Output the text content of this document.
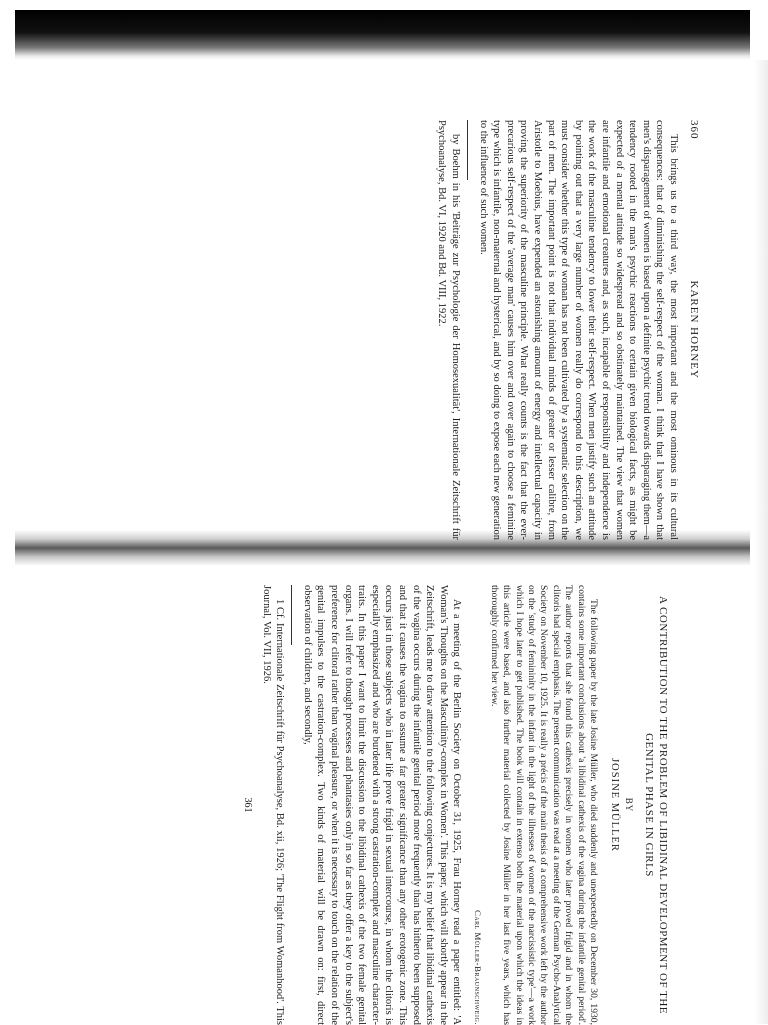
360
KAREN HORNEY

This brings us to a third way, the most important and the most ominous in its cultural consequences: that of diminishing the self-respect of the woman. I think that I have shown that men's disparagement of women is based upon a definite psychic trend towards disparaging them—a tendency rooted in the man's psychic reactions to certain given biological facts, as might be expected of a mental attitude so widespread and so obstinately maintained. The view that women are infantile and emotional creatures and, as such, incapable of responsibility and independence is the work of the masculine tendency to lower their self-respect. When men justify such an attitude by pointing out that a very large number of women really do correspond to this description, we must consider whether this type of woman has not been cultivated by a systematic selection on the part of men. The important point is not that individual minds of greater or lesser calibre, from Aristotle to Moebius, have expended an astonishing amount of energy and intellectual capacity in proving the superiority of the masculine principle. What really counts is the fact that the ever-precarious self-respect of the 'average man' causes him over and over again to choose a feminine type which is infantile, non-maternal and hysterical, and by so doing to expose each new generation to the influence of such women.

by Boehm in his 'Beiträge zur Psychologie der Homosexualität', Internationale Zeitschrift für Psychoanalyse, Bd. VI, 1920 and Bd. VIII, 1922.

A CONTRIBUTION TO THE PROBLEM OF LIBIDINAL DEVELOPMENT OF THE GENITAL PHASE IN GIRLS
BY
JOSINE MÜLLER

The following paper by the late Josine Müller, who died suddenly and unexpectedly on December 30, 1930, contains some important conclusions about 'a libidinal cathexis of the vagina during the infantile genital period'. The author reports that she found this cathexis precisely in women who later proved frigid and in whom the clitoris had special emphasis. The present communication was read at a meeting of the German Psycho-Analytical Society on November 10, 1925. It is really a précis of the main thesis of a comprehensive work left by the author on the 'study of femininity in the infant in the light of the illnesses of women of the narcissistic type'—a work which I hope later to get published. The book will contain in extenso both the material upon which the ideas in this article were based, and also further material collected by Josine Müller in her last five years, which has thoroughly confirmed her view.

Carl Müller-Braunschweig.

At a meeting of the Berlin Society on October 31, 1925, Frau Horney read a paper entitled: 'A Woman's Thoughts on the Masculinity-complex in Women'. This paper, which will shortly appear in the Zeitschrift, leads me to draw attention to the following conjectures. It is my belief that libidinal cathexis of the vagina occurs during the infantile genital period more frequently than has hitherto been supposed and that it causes the vagina to assume a far greater significance than any other erotogenic zone. This occurs just in those subjects who in later life prove frigid in sexual intercourse, in whom the clitoris is especially emphasized and who are burdened with a strong castration-complex and masculine character-traits. In this paper I want to limit the discussion to the libidinal cathexis of the two female genital organs. I will refer to thought processes and phantasies only in so far as they offer a key to the subject's preference for clitoral rather than vaginal pleasure, or when it is necessary to touch on the relation of the genital impulses to the castration-complex. Two kinds of material will be drawn on: first, direct observation of children, and secondly,

1 Cf. Internationale Zeitschrift für Psychoanalyse, Bd. xii, 1926; 'The Flight from Womanhood'. This Journal, Vol. VII, 1926.

361
